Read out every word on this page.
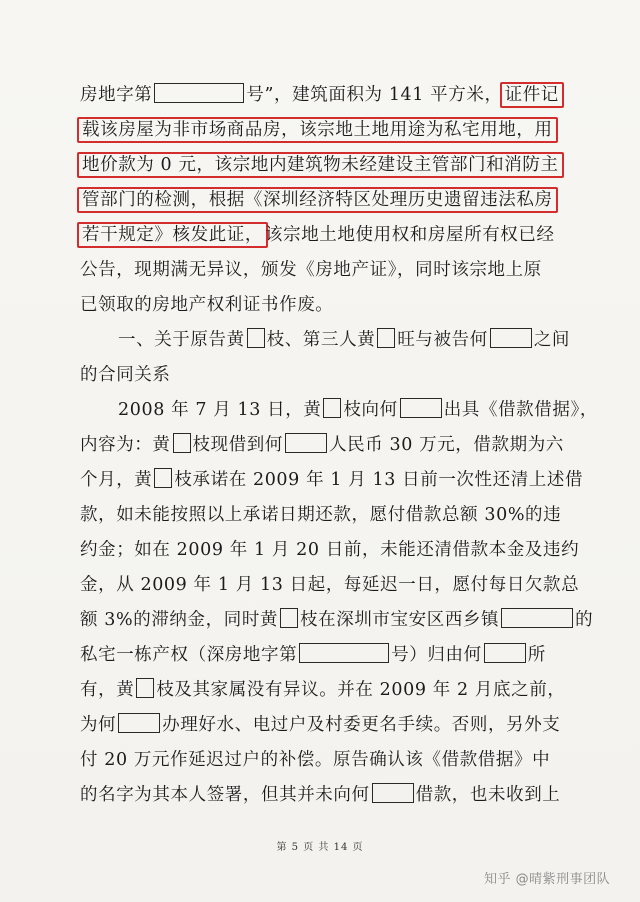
房地字第	号”，建筑面积为 141 平方米， 证件记
载该房屋为非市场商品房，该宗地土地用途为私宅用地，用
地价款为 0 元，该宗地内建筑物未经建设主管部门和消防主
管部门的检测，根据《深圳经济特区处理历史遗留违法私房
若干规定》核发此证， 该宗地土地使用权和房屋所有权已经
公告，现期满无异议，颁发《房地产证》，同时该宗地上原
已领取的房地产权利证书作废。
一、关于原告黄 枝、第三人黄 旺与被告何	之间
的合同关系
2008 年 7 月 13 日，黄 枝向何	出具《借款借据》，
内容为：黄 枝现借到何	人民币 30 万元，借款期为六
个月，黄 枝承诺在 2009 年 1 月 13 日前一次性还清上述借
款，如未能按照以上承诺日期还款，愿付借款总额 30%的违
约金；如在 2009 年 1 月 20 日前，未能还清借款本金及违约
金，从 2009 年 1 月 13 日起，每延迟一日，愿付每日欠款总
额 3%的滞纳金，同时黄 枝在深圳市宝安区西乡镇	的
私宅一栋产权（深房地字第	号）归由何	所
有，黄 枝及其家属没有异议。并在 2009 年 2 月底之前，
为何	办理好水、电过户及村委更名手续。否则，另外支
付 20 万元作延迟过户的补偿。原告确认该《借款借据》中
的名字为其本人签署，但其并未向何	借款，也未收到上
第 5 页 共 14 页
知乎 @晴紫刑事团队
